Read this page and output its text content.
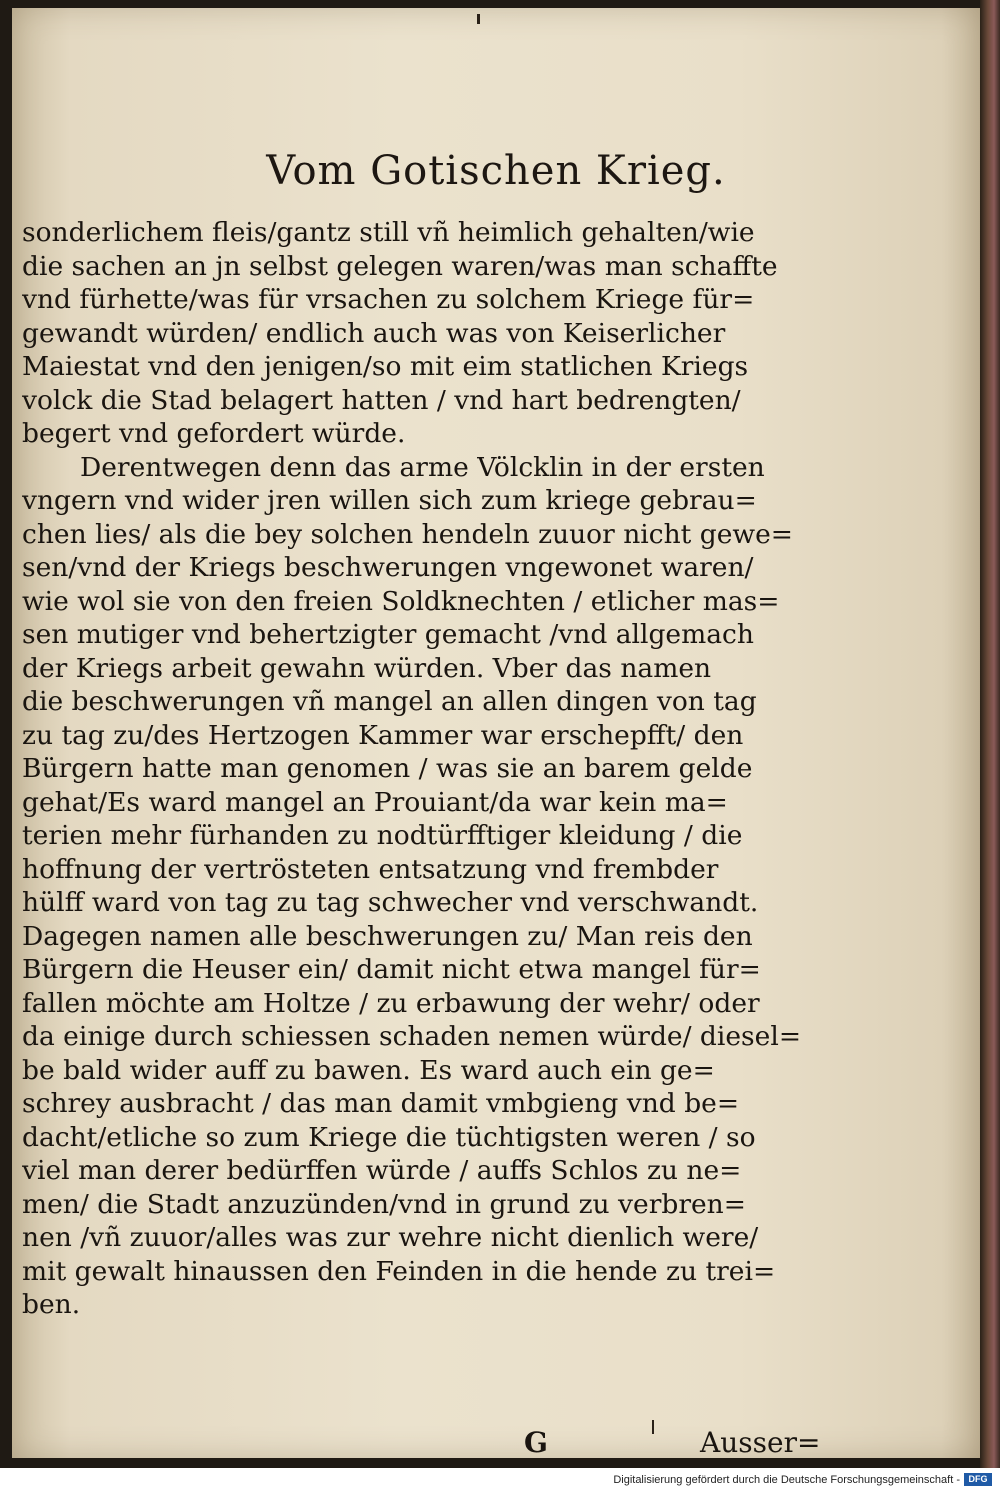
Vom Gotischen Krieg.
sonderlichem fleis/gantz still vñ heimlich gehalten/wie
die sachen an jn selbst gelegen waren/was man schaffte
vnd fürhette/was für vrsachen zu solchem Kriege für=
gewandt würden/ endlich auch was von Keiserlicher
Maiestat vnd den jenigen/so mit eim statlichen Kriegs
volck die Stad belagert hatten / vnd hart bedrengten/
begert vnd gefordert würde.
Derentwegen denn das arme Völcklin in der ersten
vngern vnd wider jren willen sich zum kriege gebrau=
chen lies/ als die bey solchen hendeln zuuor nicht gewe=
sen/vnd der Kriegs beschwerungen vngewonet waren/
wie wol sie von den freien Soldknechten / etlicher mas=
sen mutiger vnd behertzigter gemacht /vnd allgemach
der Kriegs arbeit gewahn würden. Vber das namen
die beschwerungen vñ mangel an allen dingen von tag
zu tag zu/des Hertzogen Kammer war erschepfft/ den
Bürgern hatte man genomen / was sie an barem gelde
gehat/Es ward mangel an Prouiant/da war kein ma=
terien mehr fürhanden zu nodtürfftiger kleidung / die
hoffnung der vertrösteten entsatzung vnd frembder
hülff ward von tag zu tag schwecher vnd verschwandt.
Dagegen namen alle beschwerungen zu/ Man reis den
Bürgern die Heuser ein/ damit nicht etwa mangel für=
fallen möchte am Holtze / zu erbawung der wehr/ oder
da einige durch schiessen schaden nemen würde/ diesel=
be bald wider auff zu bawen. Es ward auch ein ge=
schrey ausbracht / das man damit vmbgieng vnd be=
dacht/etliche so zum Kriege die tüchtigsten weren / so
viel man derer bedürffen würde / auffs Schlos zu ne=
men/ die Stadt anzuzünden/vnd in grund zu verbren=
nen /vñ zuuor/alles was zur wehre nicht dienlich were/
mit gewalt hinaussen den Feinden in die hende zu trei=
ben.
G	Ausser=
Digitalisierung gefördert durch die Deutsche Forschungsgemeinschaft - DFG
